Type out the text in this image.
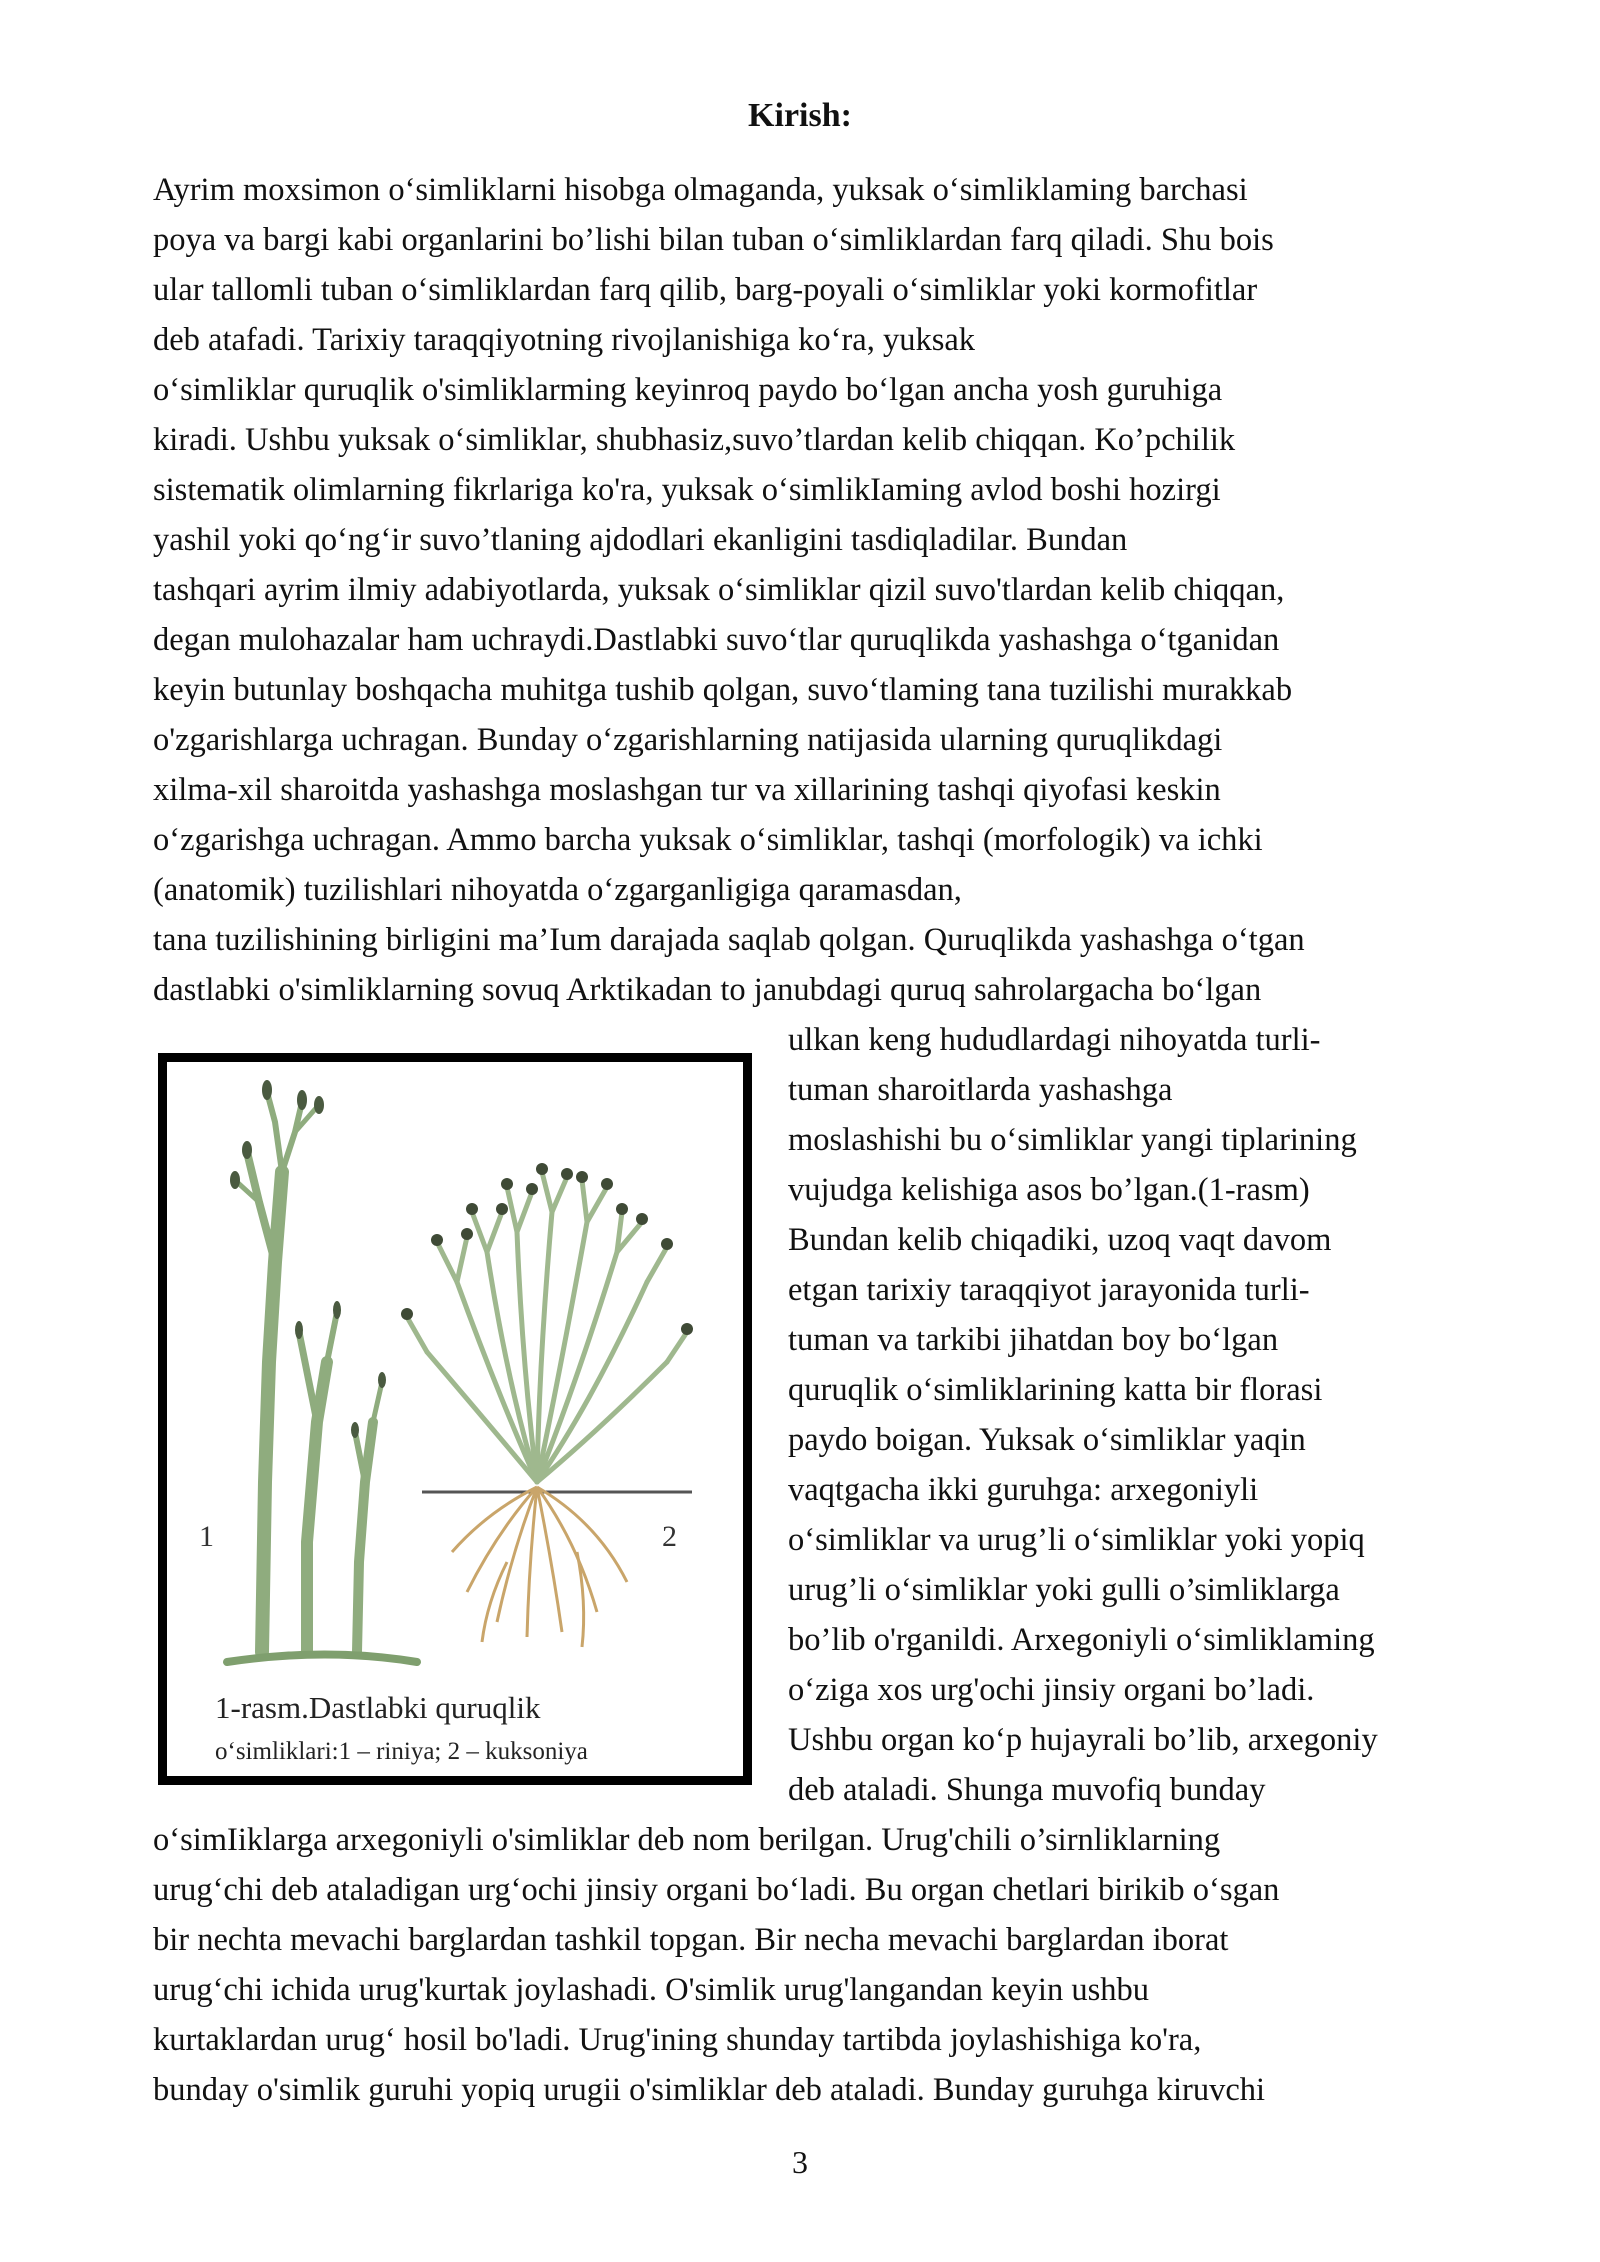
Kirish:
Ayrim moxsimon o‘simliklarni hisobga olmaganda, yuksak o‘simliklaming barchasi
poya va bargi kabi organlarini bo’lishi bilan tuban o‘simliklardan farq qiladi. Shu bois
ular tallomli tuban o‘simliklardan farq qilib, barg-poyali o‘simliklar yoki kormofitlar
deb atafadi. Tarixiy taraqqiyotning rivojlanishiga ko‘ra, yuksak
o‘simliklar quruqlik o'simliklarming keyinroq paydo bo‘lgan ancha yosh guruhiga
kiradi. Ushbu yuksak o‘simliklar, shubhasiz,suvo’tlardan kelib chiqqan. Ko’pchilik
sistematik olimlarning fikrlariga ko'ra, yuksak o‘simlikIaming avlod boshi hozirgi
yashil yoki qo‘ng‘ir suvo’tlaning ajdodlari ekanligini tasdiqladilar. Bundan
tashqari ayrim ilmiy adabiyotlarda, yuksak o‘simliklar qizil suvo'tlardan kelib chiqqan,
degan mulohazalar ham uchraydi.Dastlabki suvo‘tlar quruqlikda yashashga o‘tganidan
keyin butunlay boshqacha muhitga tushib qolgan, suvo‘tlaming tana tuzilishi murakkab
o'zgarishlarga uchragan. Bunday o‘zgarishlarning natijasida ularning quruqlikdagi
xilma-xil sharoitda yashashga moslashgan tur va xillarining tashqi qiyofasi keskin
o‘zgarishga uchragan. Ammo barcha yuksak o‘simliklar, tashqi (morfologik) va ichki
(anatomik) tuzilishlari nihoyatda o‘zgarganligiga qaramasdan,
tana tuzilishining birligini ma’Ium darajada saqlab qolgan. Quruqlikda yashashga o‘tgan
dastlabki o'simliklarning sovuq Arktikadan to janubdagi quruq sahrolargacha bo‘lgan
ulkan keng hududlardagi nihoyatda turli-
tuman sharoitlarda yashashga
moslashishi bu o‘simliklar yangi tiplarining
vujudga kelishiga asos bo’lgan.(1-rasm)
Bundan kelib chiqadiki, uzoq vaqt davom
etgan tarixiy taraqqiyot jarayonida turli-
tuman va tarkibi jihatdan boy bo‘lgan
quruqlik o‘simliklarining katta bir florasi
paydo boigan. Yuksak o‘simliklar yaqin
vaqtgacha ikki guruhga: arxegoniyli
o‘simliklar va urug’li o‘simliklar yoki yopiq
urug’li o‘simliklar yoki gulli o’simliklarga
bo’lib o'rganildi. Arxegoniyli o‘simliklaming
o‘ziga xos urg'ochi jinsiy organi bo’ladi.
Ushbu organ ko‘p hujayrali bo’lib, arxegoniy
deb ataladi. Shunga muvofiq bunday
o‘simIiklarga arxegoniyli o'simliklar deb nom berilgan. Urug'chili o’sirnliklarning
urug‘chi deb ataladigan urg‘ochi jinsiy organi bo‘ladi. Bu organ chetlari birikib o‘sgan
bir nechta mevachi barglardan tashkil topgan. Bir necha mevachi barglardan iborat
urug‘chi ichida urug'kurtak joylashadi. O'simlik urug'langandan keyin ushbu
kurtaklardan urug‘ hosil bo'ladi. Urug'ining shunday tartibda joylashishiga ko'ra,
bunday o'simlik guruhi yopiq urugii o'simliklar deb ataladi. Bunday guruhga kiruvchi
1	2
1-rasm.Dastlabki quruqlik
o‘simliklari:1 – riniya; 2 – kuksoniya
3
